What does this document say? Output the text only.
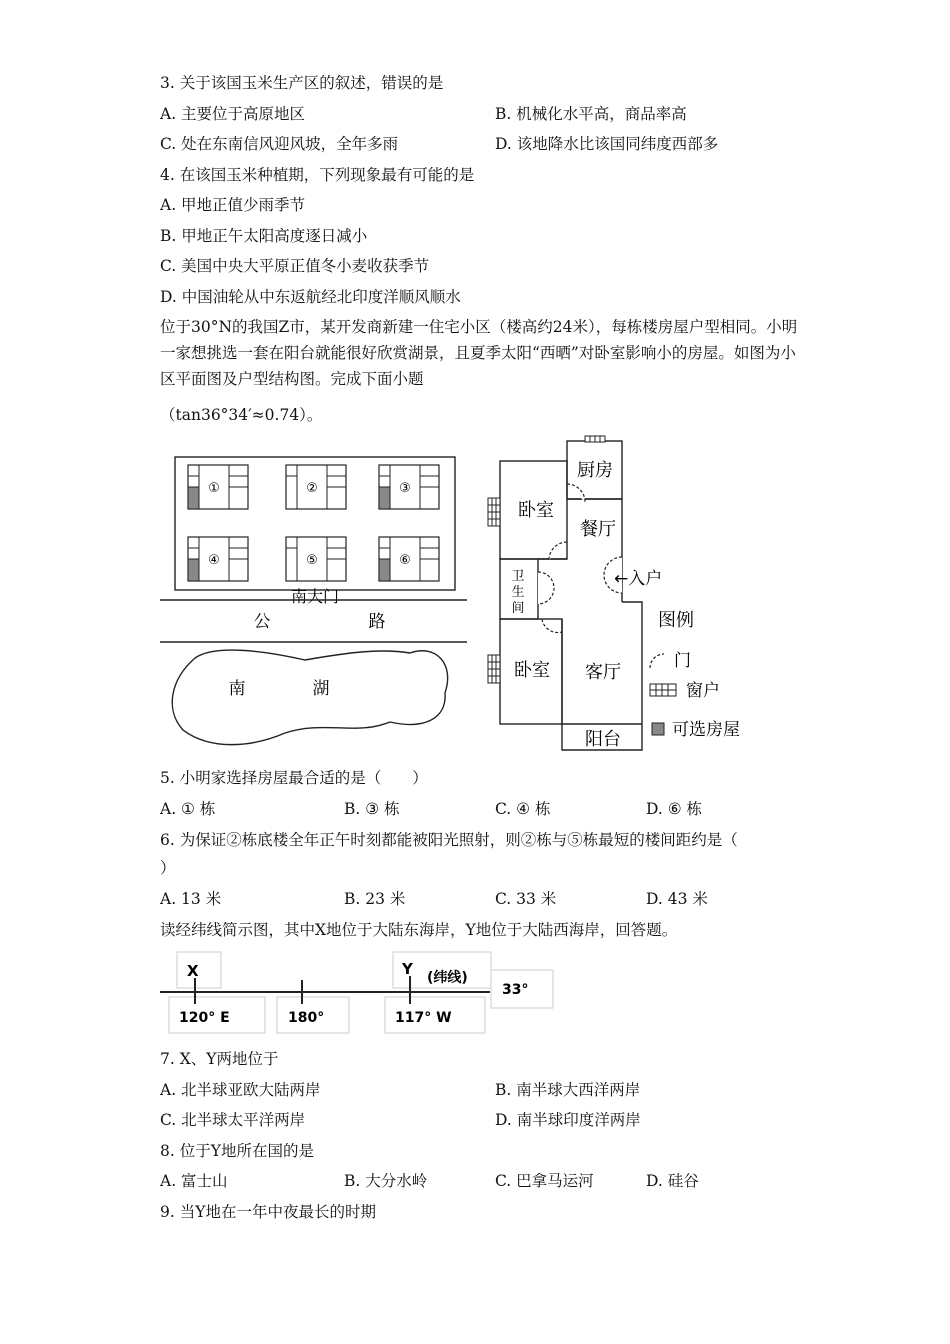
3. 关于该国玉米生产区的叙述，错误的是
A. 主要位于高原地区	B. 机械化水平高，商品率高
C. 处在东南信风迎风坡，全年多雨	D. 该地降水比该国同纬度西部多
4. 在该国玉米种植期，下列现象最有可能的是
A. 甲地正值少雨季节
B. 甲地正午太阳高度逐日减小
C. 美国中央大平原正值冬小麦收获季节
D. 中国油轮从中东返航经北印度洋顺风顺水
位于30°N的我国Z市，某开发商新建一住宅小区（楼高约24米），每栋楼房屋户型相同。小明一家想挑选一套在阳台就能很好欣赏湖景，且夏季太阳“西晒”对卧室影响小的房屋。如图为小区平面图及户型结构图。完成下面小题
（tan36°34′≈0.74）。
①	②	③
④	⑤	⑥
南大门
公	路
南	湖
厨房
卧室
餐厅
卫
生
间
卧室 客厅
阳台
←入户
图例
门
窗户
可选房屋
5. 小明家选择房屋最合适的是（　　）
A. ① 栋	B. ③ 栋	C. ④ 栋	D. ⑥ 栋
6. 为保证②栋底楼全年正午时刻都能被阳光照射，则②栋与⑤栋最短的楼间距约是（
）
A. 13 米	B. 23 米	C. 33 米	D. 43 米
读经纬线简示图，其中X地位于大陆东海岸，Y地位于大陆西海岸，回答题。
X	Y (纬线)
33°
120° E	180°	117° W
7. X、Y两地位于
A. 北半球亚欧大陆两岸	B. 南半球大西洋两岸
C. 北半球太平洋两岸	D. 南半球印度洋两岸
8. 位于Y地所在国的是
A. 富士山	B. 大分水岭	C. 巴拿马运河	D. 硅谷
9. 当Y地在一年中夜最长的时期
